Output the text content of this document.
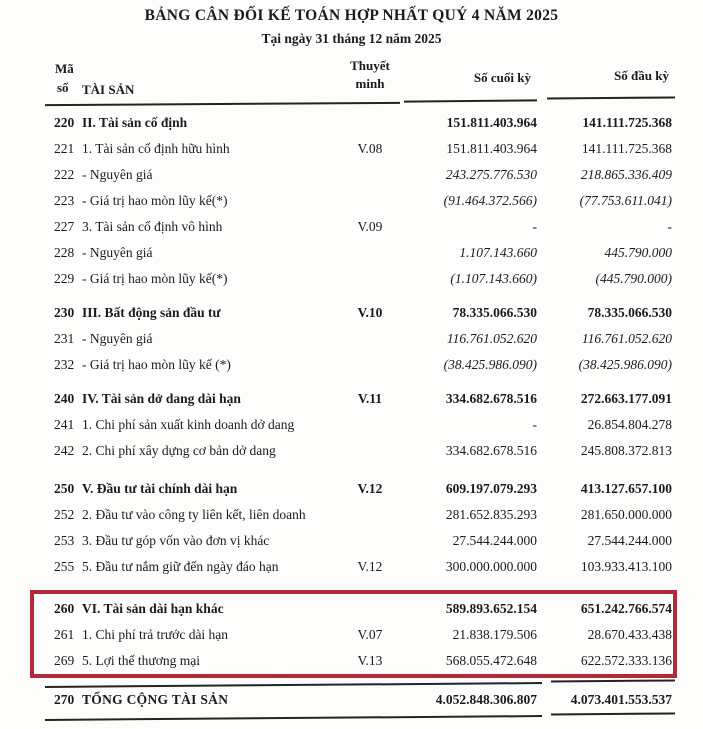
BẢNG CÂN ĐỐI KẾ TOÁN HỢP NHẤT QUÝ 4 NĂM 2025
Tại ngày 31 tháng 12 năm 2025
Mã
số TÀI SẢN
Thuyết
minh	Số cuối kỳ	Số đầu kỳ
220 II. Tài sản cố định	151.811.403.964	141.111.725.368
221 1. Tài sản cố định hữu hình	V.08	151.811.403.964	141.111.725.368
222 - Nguyên giá	243.275.776.530	218.865.336.409
223 - Giá trị hao mòn lũy kế(*)	(91.464.372.566)	(77.753.611.041)
227 3. Tài sản cố định vô hình	V.09	-	-
228 - Nguyên giá	1.107.143.660	445.790.000
229 - Giá trị hao mòn lũy kế(*)	(1.107.143.660)	(445.790.000)
230 III. Bất động sản đầu tư	V.10	78.335.066.530	78.335.066.530
231 - Nguyên giá	116.761.052.620	116.761.052.620
232 - Giá trị hao mòn lũy kế (*)	(38.425.986.090)	(38.425.986.090)
240 IV. Tài sản dở dang dài hạn	V.11	334.682.678.516	272.663.177.091
241 1. Chi phí sản xuất kinh doanh dở dang	-	26.854.804.278
242 2. Chi phí xây dựng cơ bản dở dang	334.682.678.516	245.808.372.813
250 V. Đầu tư tài chính dài hạn	V.12	609.197.079.293	413.127.657.100
252 2. Đầu tư vào công ty liên kết, liên doanh	281.652.835.293	281.650.000.000
253 3. Đầu tư góp vốn vào đơn vị khác	27.544.244.000	27.544.244.000
255 5. Đầu tư nắm giữ đến ngày đáo hạn	V.12	300.000.000.000	103.933.413.100
260 VI. Tài sản dài hạn khác	589.893.652.154	651.242.766.574
261 1. Chi phí trả trước dài hạn	V.07	21.838.179.506	28.670.433.438
269 5. Lợi thế thương mại	V.13	568.055.472.648	622.572.333.136
270 TỔNG CỘNG TÀI SẢN	4.052.848.306.807	4.073.401.553.537
